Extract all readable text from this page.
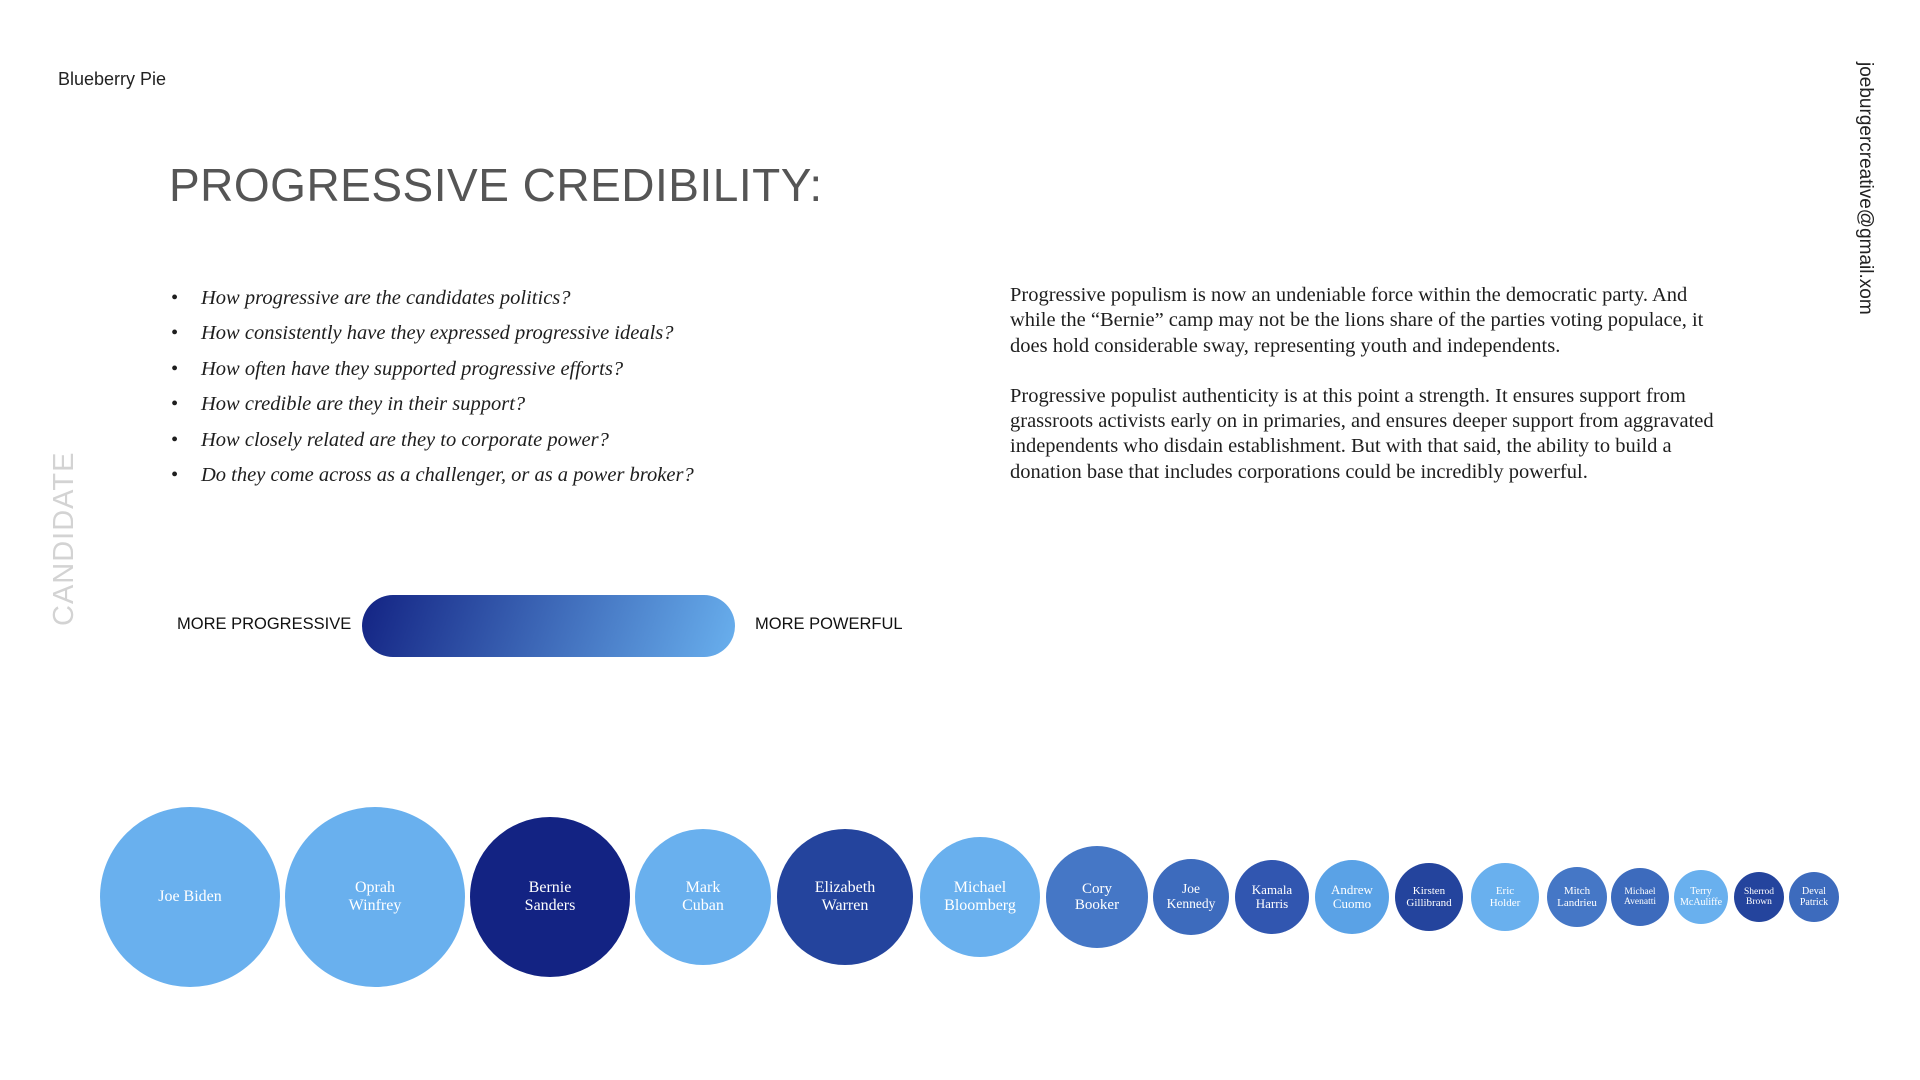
Blueberry Pie	joeburgercreative@gmail.xom
CANDIDATE
PROGRESSIVE CREDIBILITY:
• How progressive are the candidates politics?
• How consistently have they expressed progressive ideals?
• How often have they supported progressive efforts?
• How credible are they in their support?
• How closely related are they to corporate power?
• Do they come across as a challenger, or as a power broker?

Progressive populism is now an undeniable force within the democratic party. And while the “Bernie” camp may not be the lions share of the parties voting populace, it does hold considerable sway, representing youth and independents.

Progressive populist authenticity is at this point a strength. It ensures support from grassroots activists early on in primaries, and ensures deeper support from aggravated independents who disdain establishment. But with that said, the ability to build a donation base that includes corporations could be incredibly powerful.

MORE PROGRESSIVE	MORE POWERFUL
Joe Biden
Oprah
Winfrey
Bernie
Sanders
Mark
Cuban
Elizabeth
Warren
Michael
Bloomberg
Cory
Booker
Joe
Kennedy
Kamala
Harris
Andrew
Cuomo
Kirsten
Gillibrand
Eric
Holder
Mitch
Landrieu
Michael
Avenatti
Terry
McAuliffe
Sherrod
Brown
Deval
Patrick
